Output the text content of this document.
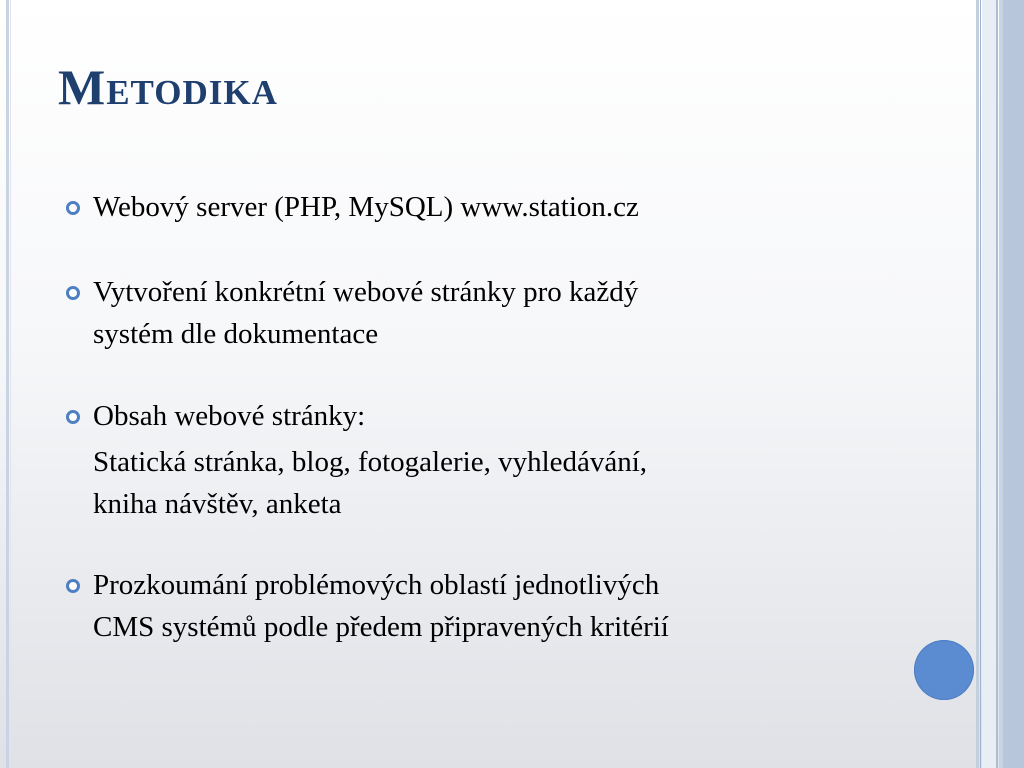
Metodika
Webový server (PHP, MySQL) www.station.cz
Vytvoření konkrétní webové stránky pro každý
systém dle dokumentace
Obsah webové stránky:
Statická stránka, blog, fotogalerie, vyhledávání,
kniha návštěv, anketa
Prozkoumání problémových oblastí jednotlivých
CMS systémů podle předem připravených kritérií
